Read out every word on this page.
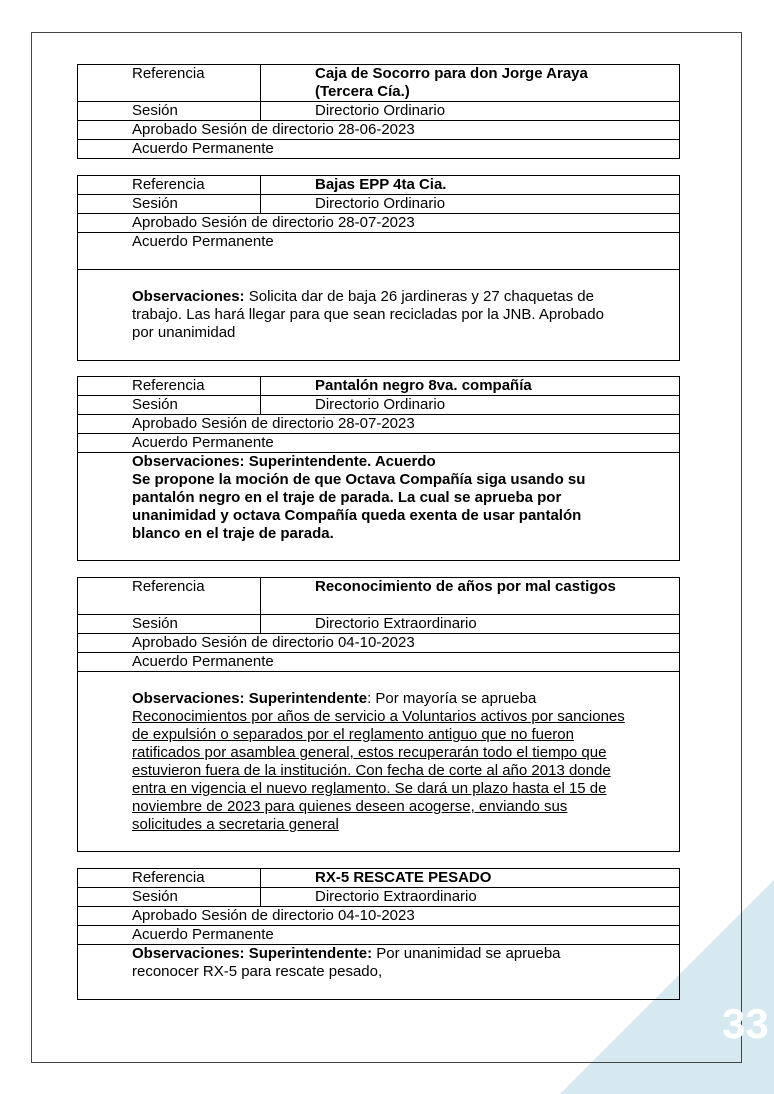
Referencia	Caja de Socorro para don Jorge Araya (Tercera Cía.)
Sesión	Directorio Ordinario
Aprobado Sesión de directorio 28-06-2023
Acuerdo Permanente
Referencia	Bajas EPP 4ta Cia.
Sesión	Directorio Ordinario
Aprobado Sesión de directorio 28-07-2023
Acuerdo Permanente
Observaciones: Solicita dar de baja 26 jardineras y 27 chaquetas de trabajo. Las hará llegar para que sean recicladas por la JNB. Aprobado por unanimidad
Referencia	Pantalón negro 8va. compañía
Sesión	Directorio Ordinario
Aprobado Sesión de directorio 28-07-2023
Acuerdo Permanente
Observaciones: Superintendente. Acuerdo
Se propone la moción de que Octava Compañía siga usando su pantalón negro en el traje de parada. La cual se aprueba por unanimidad y octava Compañía queda exenta de usar pantalón blanco en el traje de parada.
Referencia	Reconocimiento de años por mal castigos
Sesión	Directorio Extraordinario
Aprobado Sesión de directorio 04-10-2023
Acuerdo Permanente
Observaciones: Superintendente: Por mayoría se aprueba
Reconocimientos por años de servicio a Voluntarios activos por sanciones de expulsión o separados por el reglamento antiguo que no fueron ratificados por asamblea general, estos recuperarán todo el tiempo que estuvieron fuera de la institución. Con fecha de corte al año 2013 donde entra en vigencia el nuevo reglamento. Se dará un plazo hasta el 15 de noviembre de 2023 para quienes deseen acogerse, enviando sus solicitudes a secretaria general
Referencia	RX-5 RESCATE PESADO
Sesión	Directorio Extraordinario
Aprobado Sesión de directorio 04-10-2023
Acuerdo Permanente
Observaciones: Superintendente: Por unanimidad se aprueba reconocer RX-5 para rescate pesado,
33
